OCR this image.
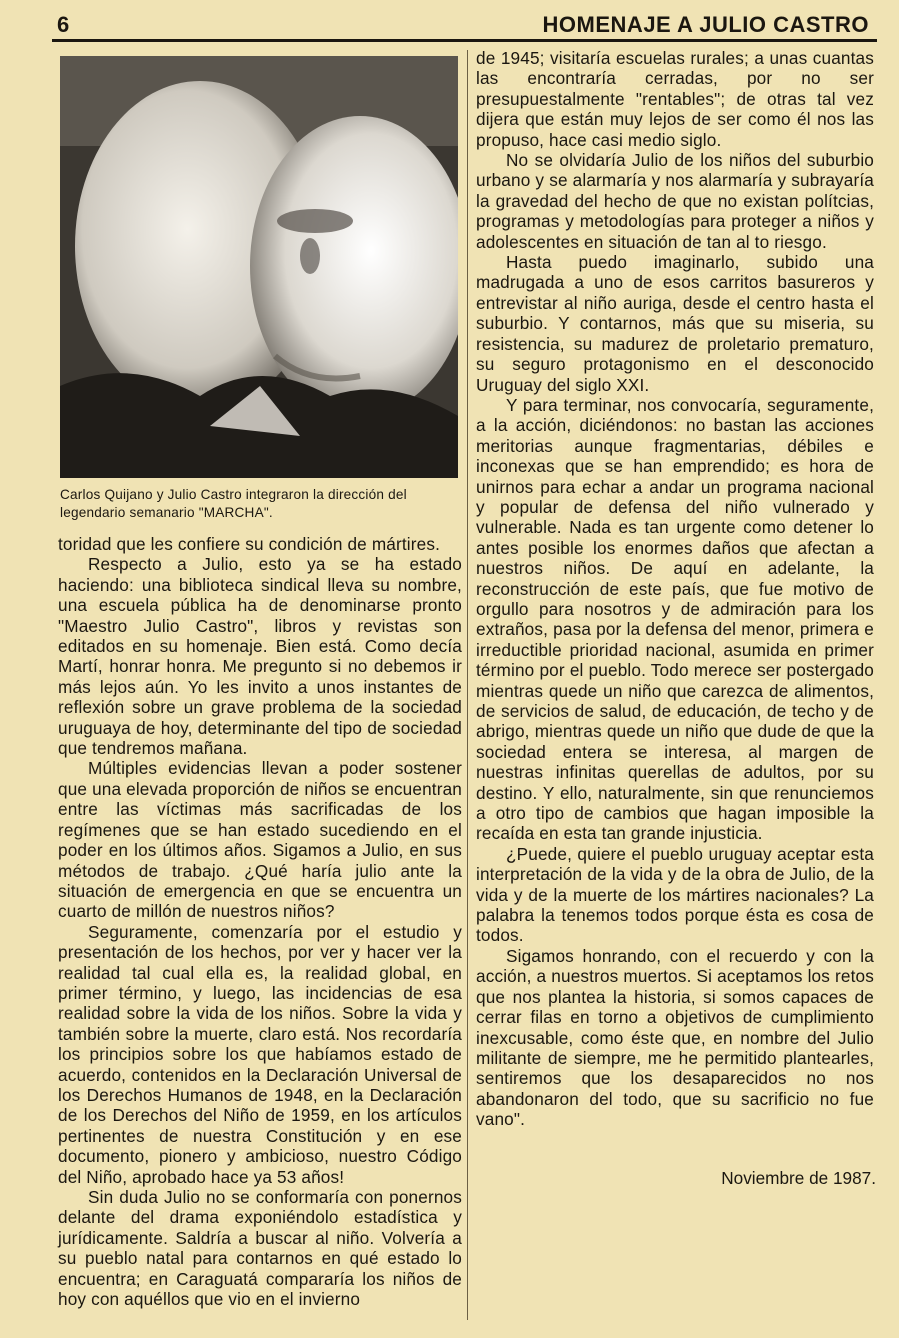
6	HOMENAJE A JULIO CASTRO
Carlos Quijano y Julio Castro integraron la dirección del legendario semanario "MARCHA".

toridad que les confiere su condición de mártires.

Respecto a Julio, esto ya se ha estado haciendo: una biblioteca sindical lleva su nombre, una escuela pública ha de denominarse pronto "Maestro Julio Castro", libros y revistas son editados en su homenaje. Bien está. Como decía Martí, honrar honra. Me pregunto si no debemos ir más lejos aún. Yo les invito a unos instantes de reflexión sobre un grave problema de la sociedad uruguaya de hoy, determinante del tipo de sociedad que tendremos mañana.

Múltiples evidencias llevan a poder sostener que una elevada proporción de niños se encuentran entre las víctimas más sacrificadas de los regímenes que se han estado sucediendo en el poder en los últimos años. Sigamos a Julio, en sus métodos de trabajo. ¿Qué haría julio ante la situación de emergencia en que se encuentra un cuarto de millón de nuestros niños?

Seguramente, comenzaría por el estudio y presentación de los hechos, por ver y hacer ver la realidad tal cual ella es, la realidad global, en primer término, y luego, las incidencias de esa realidad sobre la vida de los niños. Sobre la vida y también sobre la muerte, claro está. Nos recordaría los principios sobre los que habíamos estado de acuerdo, contenidos en la Declaración Universal de los Derechos Humanos de 1948, en la Declaración de los Derechos del Niño de 1959, en los artículos pertinentes de nuestra Constitución y en ese documento, pionero y ambicioso, nuestro Código del Niño, aprobado hace ya 53 años!

Sin duda Julio no se conformaría con ponernos delante del drama exponiéndolo estadística y jurídicamente. Saldría a buscar al niño. Volvería a su pueblo natal para contarnos en qué estado lo encuentra; en Caraguatá compararía los niños de hoy con aquéllos que vio en el invierno

de 1945; visitaría escuelas rurales; a unas cuantas las encontraría cerradas, por no ser presupuestalmente "rentables"; de otras tal vez dijera que están muy lejos de ser como él nos las propuso, hace casi medio siglo.

No se olvidaría Julio de los niños del suburbio urbano y se alarmaría y nos alarmaría y subrayaría la gravedad del hecho de que no existan polítcias, programas y metodologías para proteger a niños y adolescentes en situación de tan al to riesgo.

Hasta puedo imaginarlo, subido una madrugada a uno de esos carritos basureros y entrevistar al niño auriga, desde el centro hasta el suburbio. Y contarnos, más que su miseria, su resistencia, su madurez de proletario prematuro, su seguro protagonismo en el desconocido Uruguay del siglo XXI.

Y para terminar, nos convocaría, seguramente, a la acción, diciéndonos: no bastan las acciones meritorias aunque fragmentarias, débiles e inconexas que se han emprendido; es hora de unirnos para echar a andar un programa nacional y popular de defensa del niño vulnerado y vulnerable. Nada es tan urgente como detener lo antes posible los enormes daños que afectan a nuestros niños. De aquí en adelante, la reconstrucción de este país, que fue motivo de orgullo para nosotros y de admiración para los extraños, pasa por la defensa del menor, primera e irreductible prioridad nacional, asumida en primer término por el pueblo. Todo merece ser postergado mientras quede un niño que carezca de alimentos, de servicios de salud, de educación, de techo y de abrigo, mientras quede un niño que dude de que la sociedad entera se interesa, al margen de nuestras infinitas querellas de adultos, por su destino. Y ello, naturalmente, sin que renunciemos a otro tipo de cambios que hagan imposible la recaída en esta tan grande injusticia.

¿Puede, quiere el pueblo uruguay aceptar esta interpretación de la vida y de la obra de Julio, de la vida y de la muerte de los mártires nacionales? La palabra la tenemos todos porque ésta es cosa de todos.

Sigamos honrando, con el recuerdo y con la acción, a nuestros muertos. Si aceptamos los retos que nos plantea la historia, si somos capaces de cerrar filas en torno a objetivos de cumplimiento inexcusable, como éste que, en nombre del Julio militante de siempre, me he permitido plantearles, sentiremos que los desaparecidos no nos abandonaron del todo, que su sacrificio no fue vano".

Noviembre de 1987.
